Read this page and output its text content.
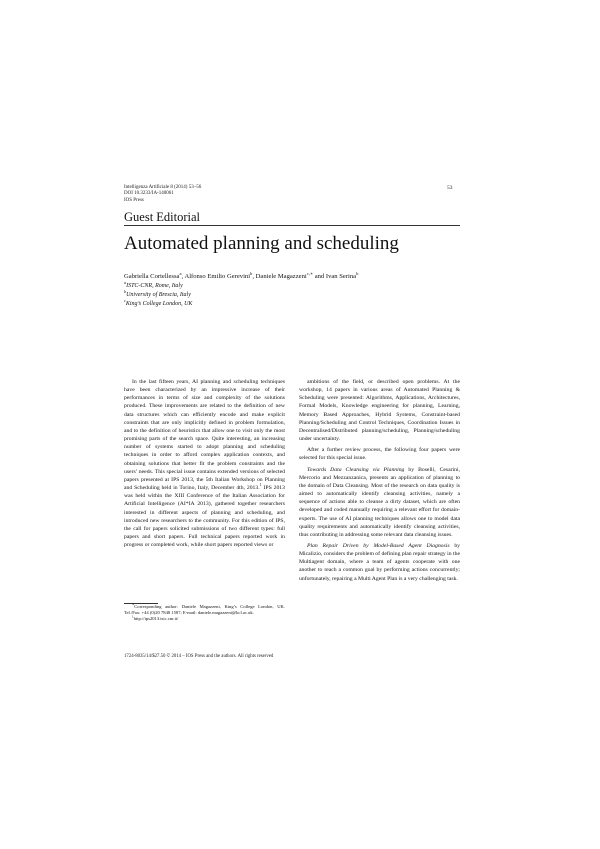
Intelligenza Artificiale 8 (2014) 53–56
DOI 10.3233/IA-140061
IOS Press
53
Guest Editorial
Automated planning and scheduling
Gabriella Cortellessa$^a$, Alfonso Emilio Gerevini$^b$, Daniele Magazzeni$^{c,∗}$ and Ivan Serina$^b$
$^a$ISTC-CNR, Rome, Italy
$^b$University of Brescia, Italy
$^c$King’s College London, UK

In the last fifteen years, AI planning and scheduling techniques have been characterized by an impressive increase of their performances in terms of size and complexity of the solutions produced. These improvements are related to the definition of new data structures which can efficiently encode and make explicit constraints that are only implicitly defined in problem formulation, and to the definition of heuristics that allow one to visit only the most promising parts of the search space. Quite interesting, an increasing number of systems started to adopt planning and scheduling techniques in order to afford complex application contexts, and obtaining solutions that better fit the problem constraints and the users’ needs. This special issue contains extended versions of selected papers presented at IPS 2013, the 5th Italian Workshop on Planning and Scheduling held in Torino, Italy, December 4th, 2013.$^1$ IPS 2013 was held within the XIII Conference of the Italian Association for Artificial Intelligence (AI*IA 2013), gathered together researchers interested in different aspects of planning and scheduling, and introduced new researchers to the community. For this edition of IPS, the call for papers solicited submissions of two different types: full papers and short papers. Full technical papers reported work in progress or completed work, while short papers reported views or

ambitions of the field, or described open problems. At the workshop, 14 papers in various areas of Automated Planning & Scheduling were presented: Algorithms, Applications, Architectures, Formal Models, Knowledge engineering for planning, Learning, Memory Based Approaches, Hybrid Systems, Constraint-based Planning/Scheduling and Control Techniques, Coordination Issues in Decentralised/Distributed planning/scheduling, Planning/scheduling under uncertainty.

After a further review process, the following four papers were selected for this special issue.

Towards Data Cleansing via Planning by Boselli, Cesarini, Mercorio and Mezzanzanica, presents an application of planning to the domain of Data Cleansing. Most of the research on data quality is aimed to automatically identify cleansing activities, namely a sequence of actions able to cleanse a dirty dataset, which are often developed and coded manually requiring a relevant effort for domain-experts. The use of AI planning techniques allows one to model data quality requirements and automatically identify cleansing activities, thus contributing in addressing some relevant data cleansing issues.

Plan Repair Driven by Model-Based Agent Diagnosis by Micalizio, considers the problem of defining plan repair strategy in the Multiagent domain, where a team of agents cooperate with one another to reach a common goal by performing actions concurrently; unfortunately, repairing a Multi Agent Plan is a very challenging task.

∗Corresponding author: Daniele Magazzeni, King’s College London, UK. Tel./Fax: +44 (0)20 7848 1587; E-mail: daniele.magazzeni@kcl.ac.uk.

$^1$http://ips2013.istc.cnr.it/

1724-8035/14/$27.50 © 2014 – IOS Press and the authors. All rights reserved
